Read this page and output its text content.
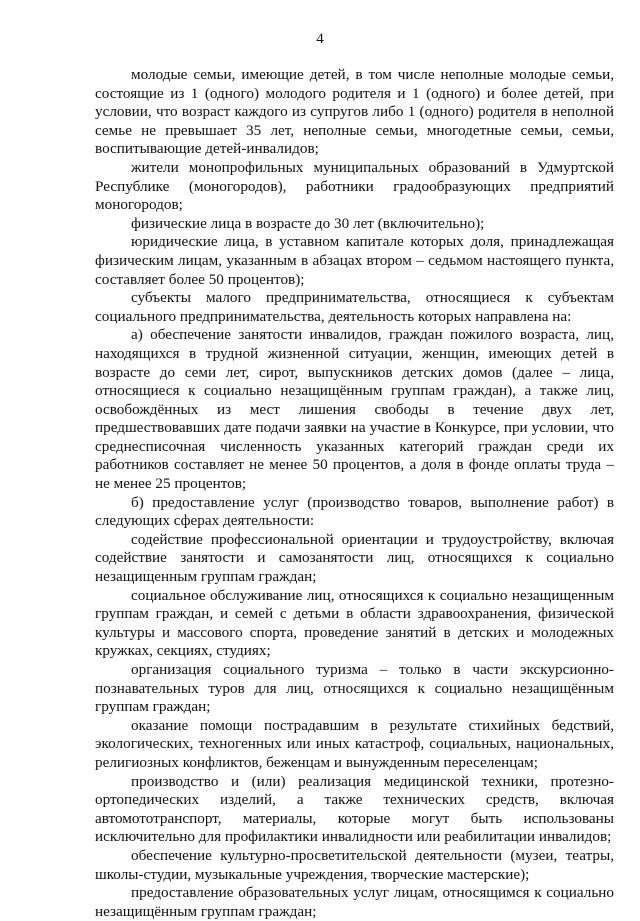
4

молодые семьи, имеющие детей, в том числе неполные молодые семьи, состоящие из 1 (одного) молодого родителя и 1 (одного) и более детей, при условии, что возраст каждого из супругов либо 1 (одного) родителя в неполной семье не превышает 35 лет, неполные семьи, многодетные семьи, семьи, воспитывающие детей-инвалидов;

жители монопрофильных муниципальных образований в Удмуртской Республике (моногородов), работники градообразующих предприятий моногородов;

физические лица в возрасте до 30 лет (включительно);

юридические лица, в уставном капитале которых доля, принадлежащая физическим лицам, указанным в абзацах втором – седьмом настоящего пункта, составляет более 50 процентов);

субъекты малого предпринимательства, относящиеся к субъектам социального предпринимательства, деятельность которых направлена на:

а) обеспечение занятости инвалидов, граждан пожилого возраста, лиц, находящихся в трудной жизненной ситуации, женщин, имеющих детей в возрасте до семи лет, сирот, выпускников детских домов (далее – лица, относящиеся к социально незащищённым группам граждан), а также лиц, освобождённых из мест лишения свободы в течение двух лет, предшествовавших дате подачи заявки на участие в Конкурсе, при условии, что среднесписочная численность указанных категорий граждан среди их работников составляет не менее 50 процентов, а доля в фонде оплаты труда – не менее 25 процентов;

б) предоставление услуг (производство товаров, выполнение работ) в следующих сферах деятельности:

содействие профессиональной ориентации и трудоустройству, включая содействие занятости и самозанятости лиц, относящихся к социально незащищенным группам граждан;

социальное обслуживание лиц, относящихся к социально незащищенным группам граждан, и семей с детьми в области здравоохранения, физической культуры и массового спорта, проведение занятий в детских и молодежных кружках, секциях, студиях;

организация социального туризма – только в части экскурсионно-познавательных туров для лиц, относящихся к социально незащищённым группам граждан;

оказание помощи пострадавшим в результате стихийных бедствий, экологических, техногенных или иных катастроф, социальных, национальных, религиозных конфликтов, беженцам и вынужденным переселенцам;

производство и (или) реализация медицинской техники, протезно-ортопедических изделий, а также технических средств, включая автомототранспорт, материалы, которые могут быть использованы исключительно для профилактики инвалидности или реабилитации инвалидов;

обеспечение культурно-просветительской деятельности (музеи, театры, школы-студии, музыкальные учреждения, творческие мастерские);

предоставление образовательных услуг лицам, относящимся к социально незащищённым группам граждан;
